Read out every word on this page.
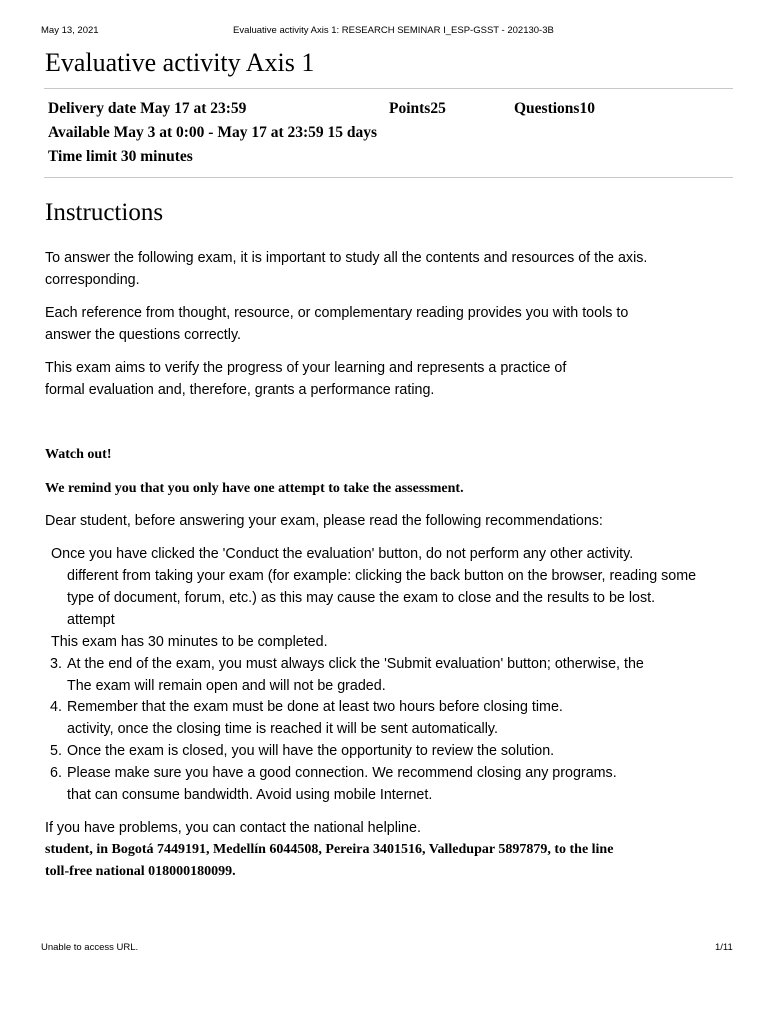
May 13, 2021	Evaluative activity Axis 1: RESEARCH SEMINAR I_ESP-GSST - 202130-3B
Evaluative activity Axis 1
Delivery date May 17 at 23:59	Points25	Questions10
Available May 3 at 0:00 - May 17 at 23:59 15 days
Time limit 30 minutes
Instructions
To answer the following exam, it is important to study all the contents and resources of the axis.
corresponding.
Each reference from thought, resource, or complementary reading provides you with tools to
answer the questions correctly.
This exam aims to verify the progress of your learning and represents a practice of
formal evaluation and, therefore, grants a performance rating.
Watch out!
We remind you that you only have one attempt to take the assessment.
Dear student, before answering your exam, please read the following recommendations:
Once you have clicked the 'Conduct the evaluation' button, do not perform any other activity.
different from taking your exam (for example: clicking the back button on the browser, reading some
type of document, forum, etc.) as this may cause the exam to close and the results to be lost.
attempt
This exam has 30 minutes to be completed.
3. At the end of the exam, you must always click the 'Submit evaluation' button; otherwise, the
The exam will remain open and will not be graded.
4. Remember that the exam must be done at least two hours before closing time.
activity, once the closing time is reached it will be sent automatically.
5. Once the exam is closed, you will have the opportunity to review the solution.
6. Please make sure you have a good connection. We recommend closing any programs.
that can consume bandwidth. Avoid using mobile Internet.
If you have problems, you can contact the national helpline.
student, in Bogotá 7449191, Medellín 6044508, Pereira 3401516, Valledupar 5897879, to the line
toll-free national 018000180099.
Unable to access URL.	1/11
